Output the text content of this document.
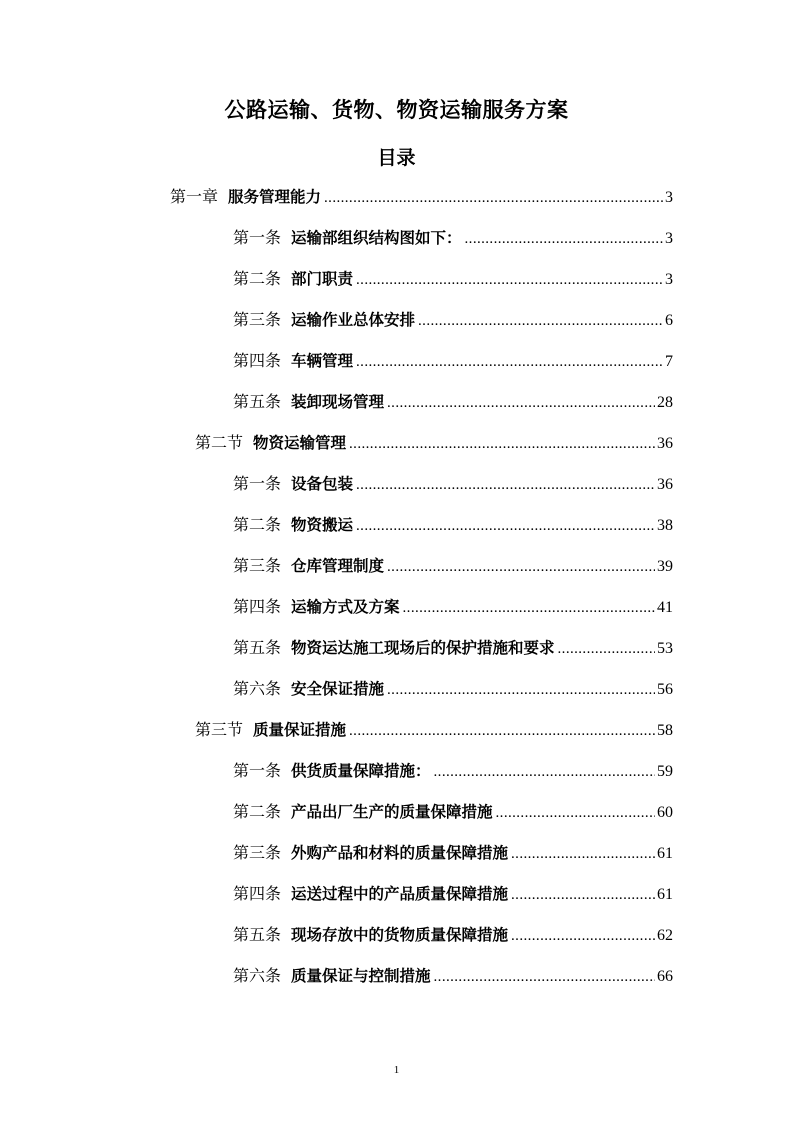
公路运输、货物、物资运输服务方案
目录
第一章 服务管理能力 .....	3
第一条 运输部组织结构图如下： .....	3
第二条 部门职责 .....	3
第三条 运输作业总体安排 .....	6
第四条 车辆管理 .....	7
第五条 装卸现场管理 .....	28
第二节 物资运输管理 .....	36
第一条 设备包装 .....	36
第二条 物资搬运 .....	38
第三条 仓库管理制度 .....	39
第四条 运输方式及方案 .....	41
第五条 物资运达施工现场后的保护措施和要求 .....	53
第六条 安全保证措施 .....	56
第三节 质量保证措施 .....	58
第一条 供货质量保障措施： .....	59
第二条 产品出厂生产的质量保障措施 .....	60
第三条 外购产品和材料的质量保障措施 .....	61
第四条 运送过程中的产品质量保障措施 .....	61
第五条 现场存放中的货物质量保障措施 .....	62
第六条 质量保证与控制措施 .....	66
1
